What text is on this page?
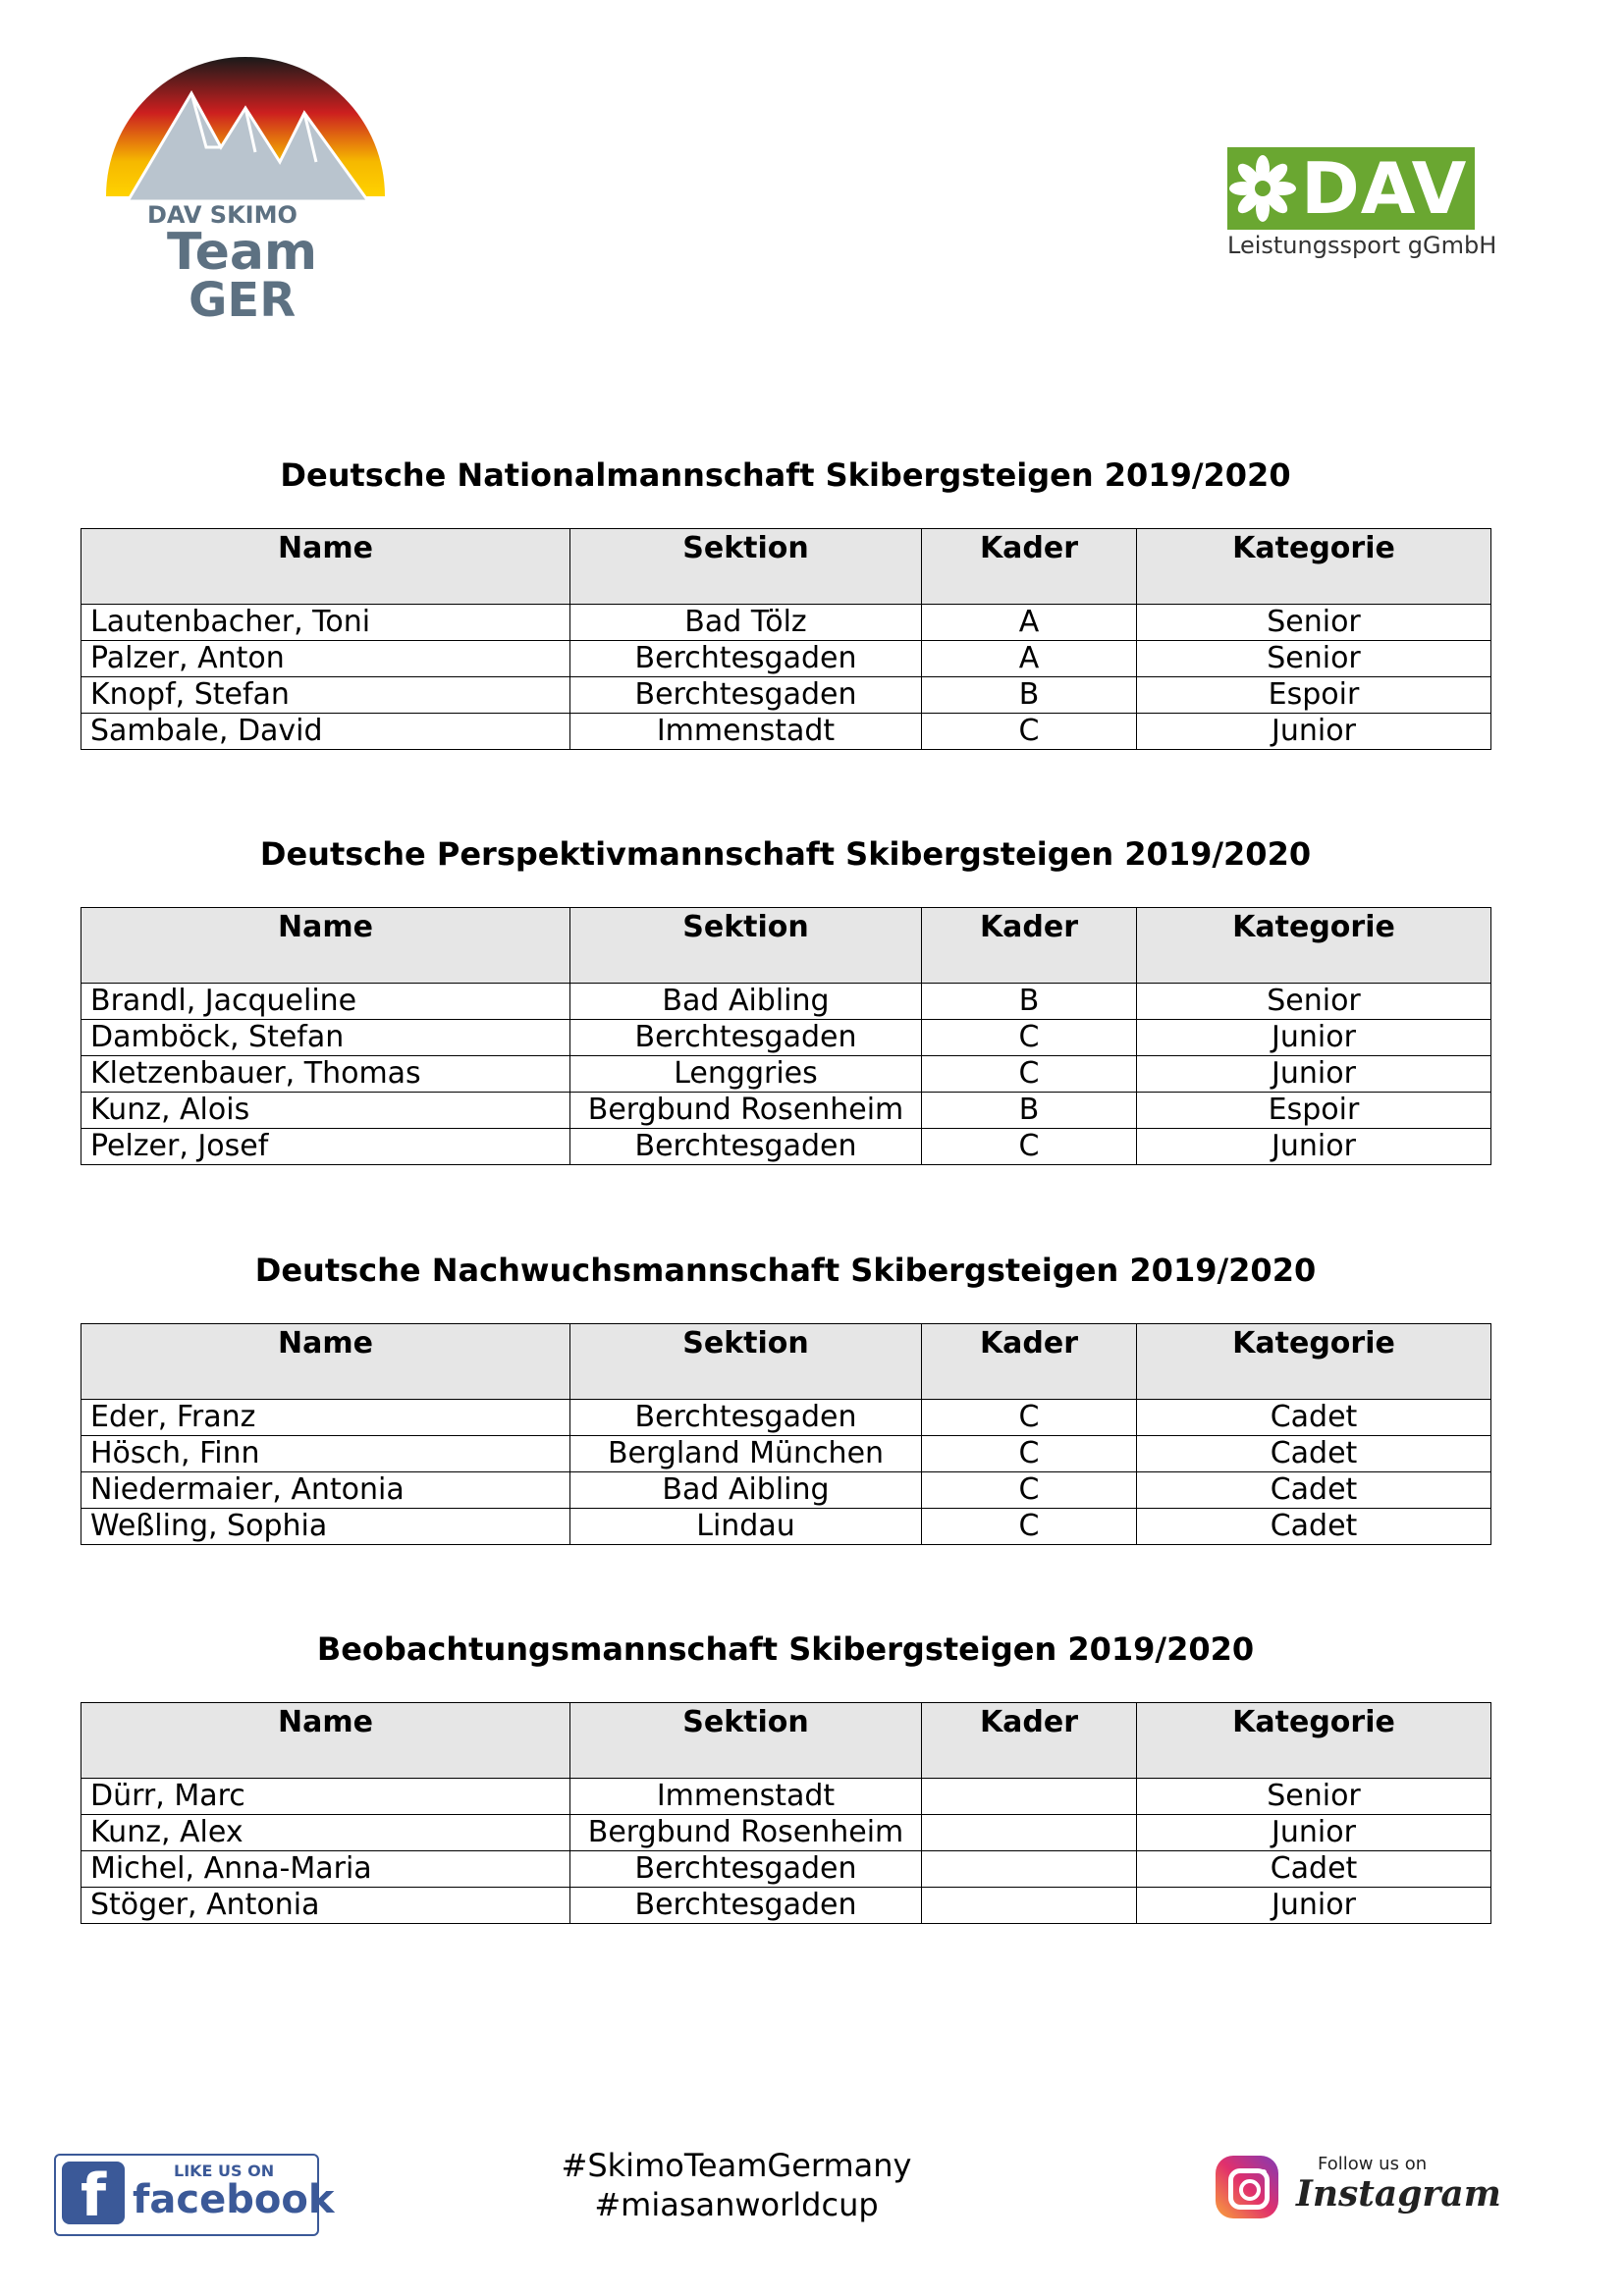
DAV SKIMO
Team
GER
DAV
Leistungssport gGmbH
Deutsche Nationalmannschaft Skibergsteigen 2019/2020
Name	Sektion	Kader	Kategorie
Lautenbacher, Toni	Bad Tölz	A	Senior
Palzer, Anton	Berchtesgaden	A	Senior
Knopf, Stefan	Berchtesgaden	B	Espoir
Sambale, David	Immenstadt	C	Junior
Deutsche Perspektivmannschaft Skibergsteigen 2019/2020
Name	Sektion	Kader	Kategorie
Brandl, Jacqueline	Bad Aibling	B	Senior
Damböck, Stefan	Berchtesgaden	C	Junior
Kletzenbauer, Thomas	Lenggries	C	Junior
Kunz, Alois	Bergbund Rosenheim	B	Espoir
Pelzer, Josef	Berchtesgaden	C	Junior
Deutsche Nachwuchsmannschaft Skibergsteigen 2019/2020
Name	Sektion	Kader	Kategorie
Eder, Franz	Berchtesgaden	C	Cadet
Hösch, Finn	Bergland München	C	Cadet
Niedermaier, Antonia	Bad Aibling	C	Cadet
Weßling, Sophia	Lindau	C	Cadet
Beobachtungsmannschaft Skibergsteigen 2019/2020
Name	Sektion	Kader	Kategorie
Dürr, Marc	Immenstadt		Senior
Kunz, Alex	Bergbund Rosenheim		Junior
Michel, Anna-Maria	Berchtesgaden		Cadet
Stöger, Antonia	Berchtesgaden		Junior
f	LIKE US ON
facebook
#SkimoTeamGermany
#miasanworldcup
Follow us on
Instagram
